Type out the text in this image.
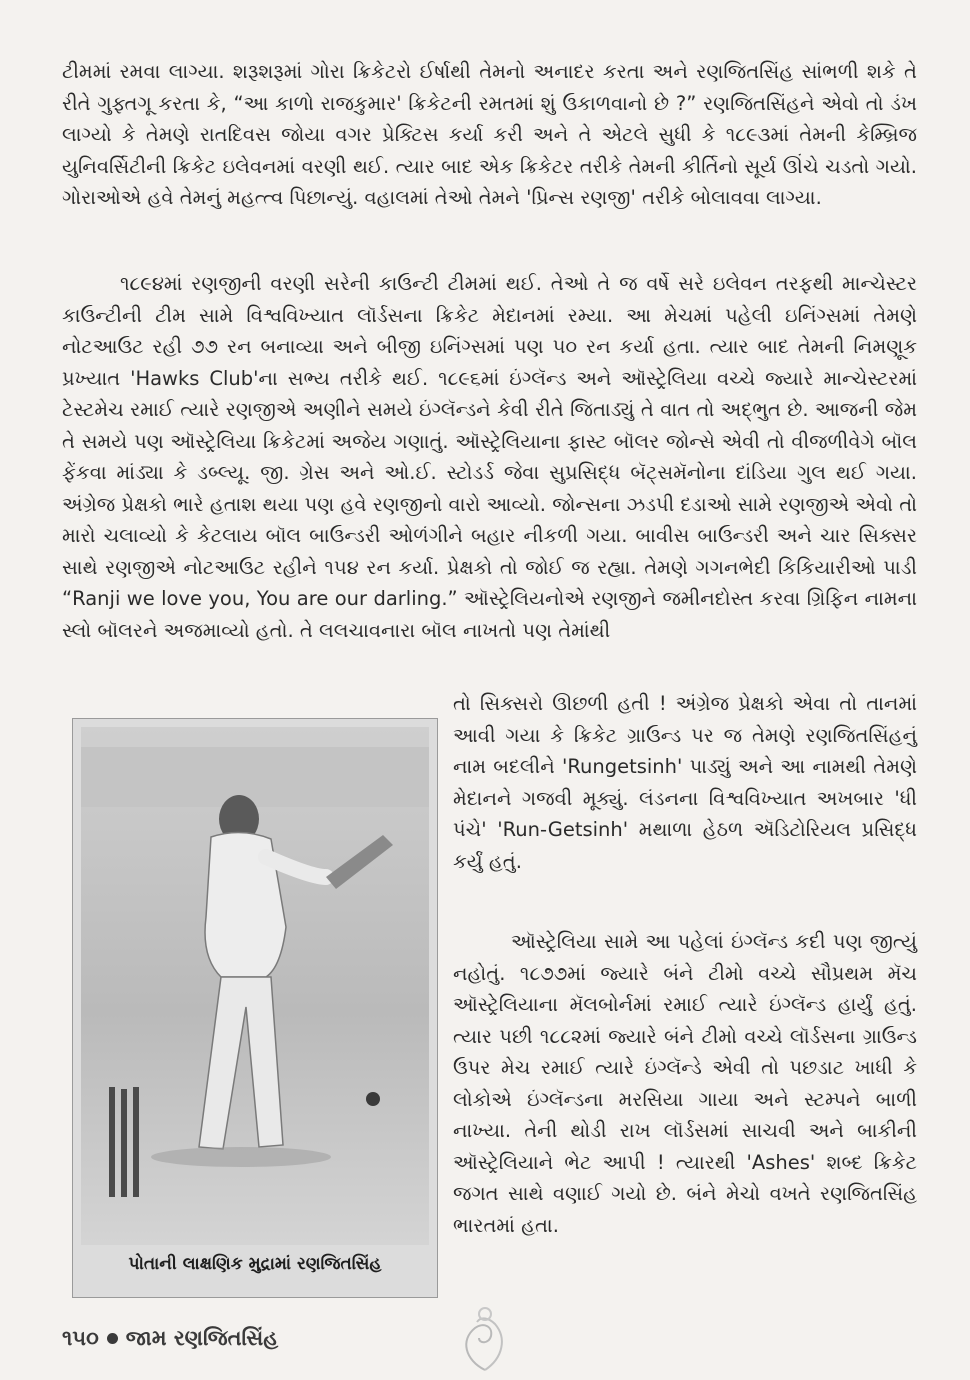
ટીમમાં રમવા લાગ્યા. શરૂશરૂમાં ગોરા ક્રિકેટરો ઈર્ષાથી તેમનો અનાદર કરતા અને રણજિતસિંહ સાંભળી શકે તે રીતે ગુફ્તગૂ કરતા કે, “આ કાળો રાજકુમાર' ક્રિકેટની રમતમાં શું ઉકાળવાનો છે ?” રણજિતસિંહને એવો તો ડંખ લાગ્યો કે તેમણે રાતદિવસ જોયા વગર પ્રેક્ટિસ કર્યા કરી અને તે એટલે સુધી કે ૧૮૯૩માં તેમની કેમ્બ્રિજ યુનિવર્સિટીની ક્રિકેટ ઇલેવનમાં વરણી થઈ. ત્યાર બાદ એક ક્રિકેટર તરીકે તેમની કીર્તિનો સૂર્ય ઊંચે ચડતો ગયો. ગોરાઓએ હવે તેમનું મહત્ત્વ પિછાન્યું. વહાલમાં તેઓ તેમને 'પ્રિન્સ રણજી' તરીકે બોલાવવા લાગ્યા.

૧૮૯૪માં રણજીની વરણી સરેની કાઉન્ટી ટીમમાં થઈ. તેઓ તે જ વર્ષે સરે ઇલેવન તરફથી માન્ચેસ્ટર કાઉન્ટીની ટીમ સામે વિશ્વવિખ્યાત લૉર્ડસના ક્રિકેટ મેદાનમાં રમ્યા. આ મેચમાં પહેલી ઇનિંગ્સમાં તેમણે નોટઆઉટ રહી ૭૭ રન બનાવ્યા અને બીજી ઇનિંગ્સમાં પણ ૫૦ રન કર્યા હતા. ત્યાર બાદ તેમની નિમણૂક પ્રખ્યાત 'Hawks Club'ના સભ્ય તરીકે થઈ. ૧૮૯૬માં ઇંગ્લૅન્ડ અને ઑસ્ટ્રેલિયા વચ્ચે જ્યારે માન્ચેસ્ટરમાં ટેસ્ટમેચ રમાઈ ત્યારે રણજીએ અણીને સમયે ઇંગ્લૅન્ડને કેવી રીતે જિતાડ્યું તે વાત તો અદ્ભુત છે. આજની જેમ તે સમયે પણ ઑસ્ટ્રેલિયા ક્રિકેટમાં અજેય ગણાતું. ઑસ્ટ્રેલિયાના ફાસ્ટ બૉલર જોન્સે એવી તો વીજળીવેગે બૉલ ફેંકવા માંડ્યા કે ડબ્લ્યૂ. જી. ગ્રેસ અને ઓ.ઈ. સ્ટોડર્ડ જેવા સુપ્રસિદ્ધ બૅટ્સમૅનોના દાંડિયા ગુલ થઈ ગયા. અંગ્રેજ પ્રેક્ષકો ભારે હતાશ થયા પણ હવે રણજીનો વારો આવ્યો. જોન્સના ઝડપી દડાઓ સામે રણજીએ એવો તો મારો ચલાવ્યો કે કેટલાય બૉલ બાઉન્ડરી ઓળંગીને બહાર નીકળી ગયા. બાવીસ બાઉન્ડરી અને ચાર સિક્સર સાથે રણજીએ નોટઆઉટ રહીને ૧૫૪ રન કર્યા. પ્રેક્ષકો તો જોઈ જ રહ્યા. તેમણે ગગનભેદી કિકિયારીઓ પાડી “Ranji we love you, You are our darling.” ઑસ્ટ્રેલિયનોએ રણજીને જમીનદોસ્ત કરવા ગ્રિફિન નામના સ્લો બૉલરને અજમાવ્યો હતો. તે લલચાવનારા બૉલ નાખતો પણ તેમાંથી

તો સિક્સરો ઊછળી હતી ! અંગ્રેજ પ્રેક્ષકો એવા તો તાનમાં આવી ગયા કે ક્રિકેટ ગ્રાઉન્ડ પર જ તેમણે રણજિતસિંહનું નામ બદલીને 'Rungetsinh' પાડ્યું અને આ નામથી તેમણે મેદાનને ગજવી મૂક્યું. લંડનના વિશ્વવિખ્યાત અખબાર 'ધી પંચે' 'Run-Getsinh' મથાળા હેઠળ ઍડિટોરિયલ પ્રસિદ્ધ કર્યું હતું.

પોતાની લાક્ષણિક મુદ્રામાં રણજિતસિંહ

ઑસ્ટ્રેલિયા સામે આ પહેલાં ઇંગ્લૅન્ડ કદી પણ જીત્યું નહોતું. ૧૮૭૭માં જ્યારે બંને ટીમો વચ્ચે સૌપ્રથમ મૅચ ઑસ્ટ્રેલિયાના મૅલબોર્નમાં રમાઈ ત્યારે ઇંગ્લૅન્ડ હાર્યું હતું. ત્યાર પછી ૧૮૮૨માં જ્યારે બંને ટીમો વચ્ચે લૉર્ડસના ગ્રાઉન્ડ ઉપર મેચ રમાઈ ત્યારે ઇંગ્લૅન્ડે એવી તો પછડાટ ખાધી કે લોકોએ ઇંગ્લૅન્ડના મરસિયા ગાયા અને સ્ટમ્પને બાળી નાખ્યા. તેની થોડી રાખ લૉર્ડસમાં સાચવી અને બાકીની ઑસ્ટ્રેલિયાને ભેટ આપી ! ત્યારથી 'Ashes' શબ્દ ક્રિકેટ જગત સાથે વણાઈ ગયો છે. બંને મેચો વખતે રણજિતસિંહ ભારતમાં હતા.

૧૫૦ જામ રણજિતસિંહ
